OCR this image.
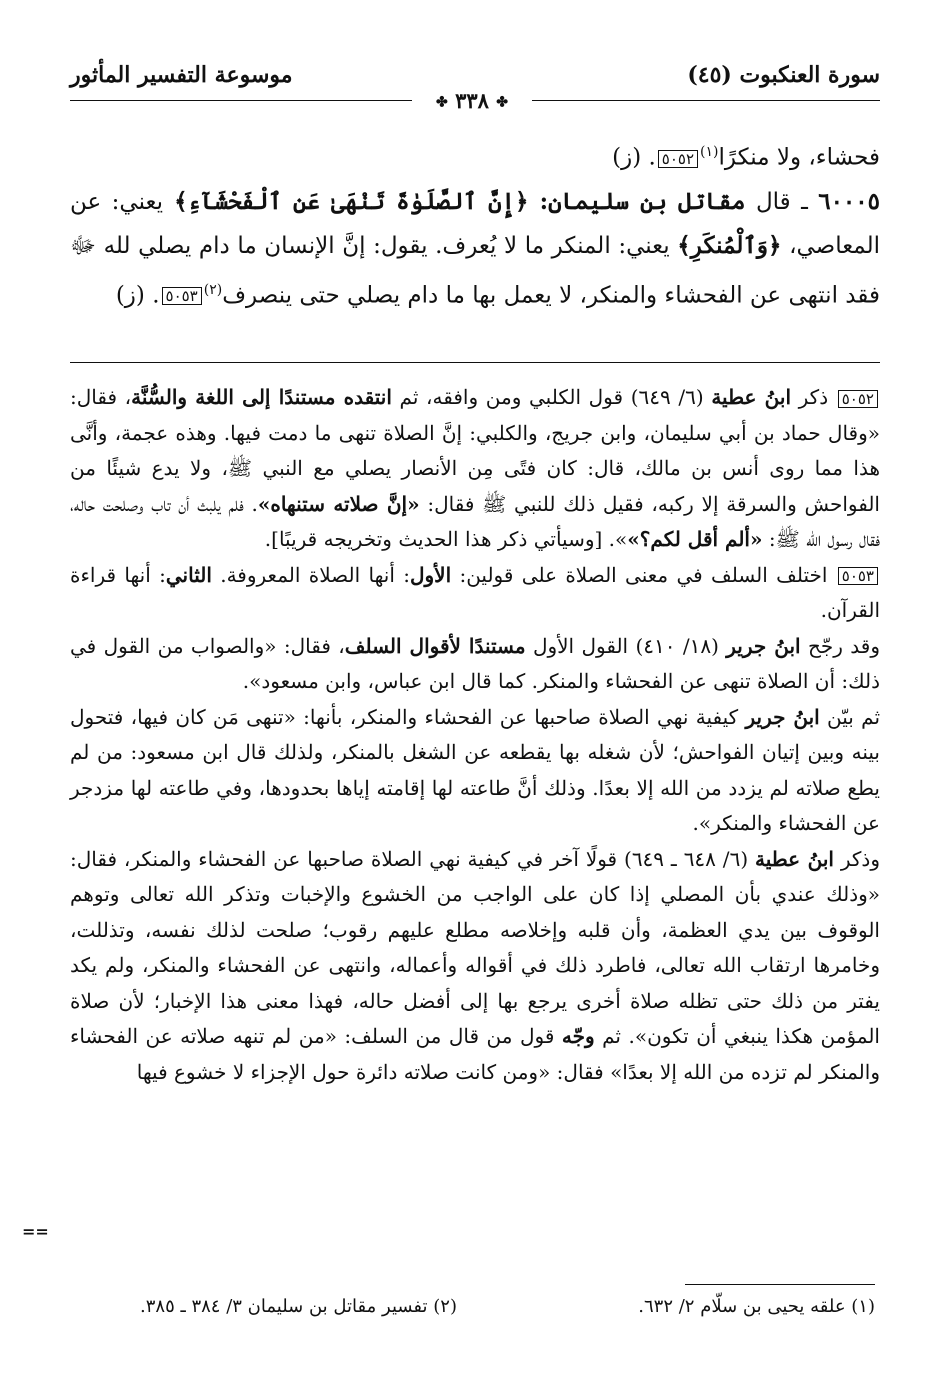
موسوعة التفسير المأثور	سورة العنكبوت (٤٥)
✤ ٣٣٨ ✤

فحشاء، ولا منكرًا$^{(١)}$٥٠٥٢. (ز)

٦٠٠٠٥ ـ قال مقاتل بن سليمان: ﴿إِنَّ ٱلصَّلَوٰةَ تَنْهَىٰ عَنِ ٱلْفَحْشَآءِ﴾ يعني: عن المعاصي، ﴿وَٱلْمُنكَرِ﴾ يعني: المنكر ما لا يُعرف. يقول: إنَّ الإنسان ما دام يصلي لله ﷻ فقد انتهى عن الفحشاء والمنكر، لا يعمل بها ما دام يصلي حتى ينصرف$^{(٢)}$٥٠٥٣. (ز)

٥٠٥٢ ذكر ابنُ عطية (٦/ ٦٤٩) قول الكلبي ومن وافقه، ثم انتقده مستندًا إلى اللغة والسُّنَّة، فقال: «وقال حماد بن أبي سليمان، وابن جريج، والكلبي: إنَّ الصلاة تنهى ما دمت فيها. وهذه عجمة، وأنَّى هذا مما روى أنس بن مالك، قال: كان فتًى مِن الأنصار يصلي مع النبي ﷺ، ولا يدع شيئًا من الفواحش والسرقة إلا ركبه، فقيل ذلك للنبي ﷺ فقال: «إنَّ صلاته ستنهاه». فلم يلبث أن تاب وصلحت حاله، فقال رسول الله ﷺ: «ألم أقل لكم؟»». [وسيأتي ذكر هذا الحديث وتخريجه قريبًا].

٥٠٥٣ اختلف السلف في معنى الصلاة على قولين: الأول: أنها الصلاة المعروفة. الثاني: أنها قراءة القرآن.

وقد رجّح ابنُ جرير (١٨/ ٤١٠) القول الأول مستندًا لأقوال السلف، فقال: «والصواب من القول في ذلك: أن الصلاة تنهى عن الفحشاء والمنكر. كما قال ابن عباس، وابن مسعود».

ثم بيّن ابنُ جرير كيفية نهي الصلاة صاحبها عن الفحشاء والمنكر، بأنها: «تنهى مَن كان فيها، فتحول بينه وبين إتيان الفواحش؛ لأن شغله بها يقطعه عن الشغل بالمنكر، ولذلك قال ابن مسعود: من لم يطع صلاته لم يزدد من الله إلا بعدًا. وذلك أنَّ طاعته لها إقامته إياها بحدودها، وفي طاعته لها مزدجر عن الفحشاء والمنكر».

وذكر ابنُ عطية (٦/ ٦٤٨ ـ ٦٤٩) قولًا آخر في كيفية نهي الصلاة صاحبها عن الفحشاء والمنكر، فقال: «وذلك عندي بأن المصلي إذا كان على الواجب من الخشوع والإخبات وتذكر الله تعالى وتوهم الوقوف بين يدي العظمة، وأن قلبه وإخلاصه مطلع عليهم رقوب؛ صلحت لذلك نفسه، وتذللت، وخامرها ارتقاب الله تعالى، فاطرد ذلك في أقواله وأعماله، وانتهى عن الفحشاء والمنكر، ولم يكد يفتر من ذلك حتى تظله صلاة أخرى يرجع بها إلى أفضل حاله، فهذا معنى هذا الإخبار؛ لأن صلاة المؤمن هكذا ينبغي أن تكون». ثم وجّه قول من قال من السلف: «من لم تنهه صلاته عن الفحشاء والمنكر لم تزده من الله إلا بعدًا» فقال: «ومن كانت صلاته دائرة حول الإجزاء لا خشوع فيها

==
(١) علقه يحيى بن سلّام ٢/ ٦٣٢.
(٢) تفسير مقاتل بن سليمان ٣/ ٣٨٤ ـ ٣٨٥.
